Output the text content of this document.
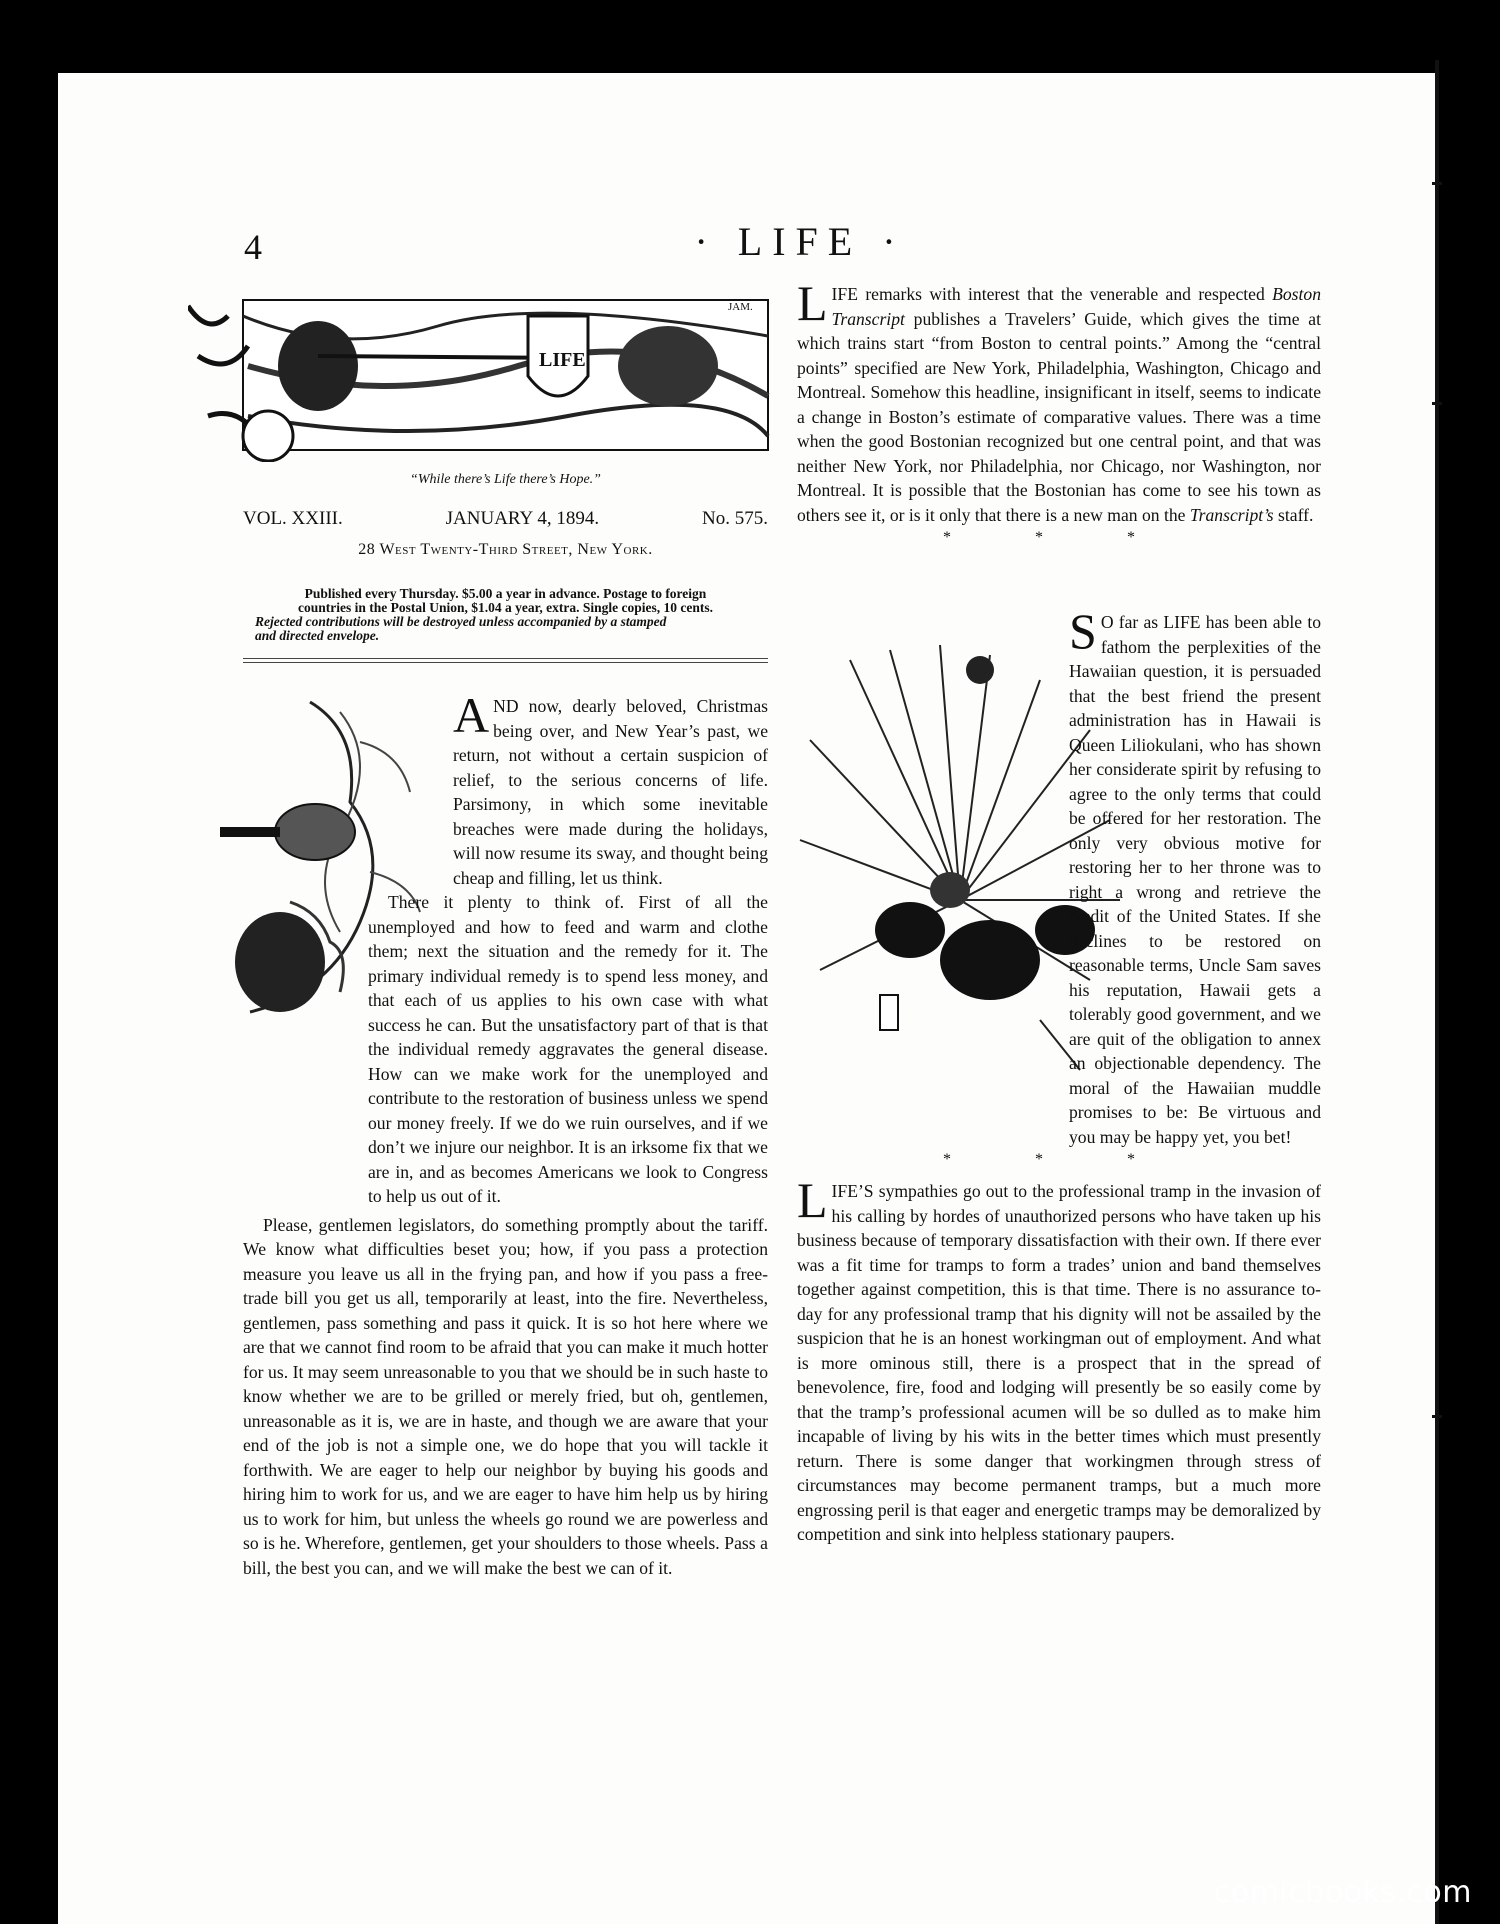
4	· LIFE ·
LIFE
JAM.
“While there’s Life there’s Hope.”
VOL. XXIII.	JANUARY 4, 1894.	No. 575.
28 West Twenty-Third Street, New York.
Published every Thursday. $5.00 a year in advance. Postage to foreign
countries in the Postal Union, $1.04 a year, extra. Single copies, 10 cents.
Rejected contributions will be destroyed unless accompanied by a stamped
and directed envelope.

AND now, dearly beloved, Christmas being over, and New Year’s past, we return, not without a certain suspicion of relief, to the serious concerns of life. Parsimony, in which some inevitable breaches were made during the holidays, will now resume its sway, and thought being cheap and filling, let us think.

There it plenty to think of. First of all the unemployed and how to feed and warm and clothe them; next the situation and the remedy for it. The primary individual remedy is to spend less money, and that each of us applies to his own case with what success he can. But the unsatisfactory part of that is that the individual remedy aggravates the general disease. How can we make work for the unemployed and contribute to the restoration of business unless we spend our money freely. If we do we ruin ourselves, and if we don’t we injure our neighbor. It is an irksome fix that we are in, and as becomes Americans we look to Congress to help us out of it.

Please, gentlemen legislators, do something promptly about the tariff. We know what difficulties beset you; how, if you pass a protection measure you leave us all in the frying pan, and how if you pass a free-trade bill you get us all, temporarily at least, into the fire. Nevertheless, gentlemen, pass something and pass it quick. It is so hot here where we are that we cannot find room to be afraid that you can make it much hotter for us. It may seem unreasonable to you that we should be in such haste to know whether we are to be grilled or merely fried, but oh, gentlemen, unreasonable as it is, we are in haste, and though we are aware that your end of the job is not a simple one, we do hope that you will tackle it forthwith. We are eager to help our neighbor by buying his goods and hiring him to work for us, and we are eager to have him help us by hiring us to work for him, but unless the wheels go round we are powerless and so is he. Wherefore, gentlemen, get your shoulders to those wheels. Pass a bill, the best you can, and we will make the best we can of it.

LIFE remarks with interest that the venerable and respected Boston Transcript publishes a Travelers’ Guide, which gives the time at which trains start “from Boston to central points.” Among the “central points” specified are New York, Philadelphia, Washington, Chicago and Montreal. Somehow this headline, insignificant in itself, seems to indicate a change in Boston’s estimate of comparative values. There was a time when the good Bostonian recognized but one central point, and that was neither New York, nor Philadelphia, nor Chicago, nor Washington, nor Montreal. It is possible that the Bostonian has come to see his town as others see it, or is it only that there is a new man on the Transcript’s staff.

* * *

S O far as LIFE has been able to fathom the perplexities of the Hawaiian question, it is persuaded that the best friend the present administration has in Hawaii is Queen Liliokulani, who has shown her considerate spirit by refusing to agree to the only terms that could be offered for her restoration. The only very obvious motive for restoring her to her throne was to right a wrong and retrieve the credit of the United States. If she declines to be restored on reasonable terms, Uncle Sam saves his reputation, Hawaii gets a tolerably good government, and we are quit of the obligation to annex an objectionable dependency. The moral of the Hawaiian muddle promises to be: Be virtuous and you may be happy yet, you bet!

* * *

LIFE’S sympathies go out to the professional tramp in the invasion of his calling by hordes of unauthorized persons who have taken up his business because of temporary dissatisfaction with their own. If there ever was a fit time for tramps to form a trades’ union and band themselves together against competition, this is that time. There is no assurance to-day for any professional tramp that his dignity will not be assailed by the suspicion that he is an honest workingman out of employment. And what is more ominous still, there is a prospect that in the spread of benevolence, fire, food and lodging will presently be so easily come by that the tramp’s professional acumen will be so dulled as to make him incapable of living by his wits in the better times which must presently return. There is some danger that workingmen through stress of circumstances may become permanent tramps, but a much more engrossing peril is that eager and energetic tramps may be demoralized by competition and sink into helpless stationary paupers.

comicbooks.com
